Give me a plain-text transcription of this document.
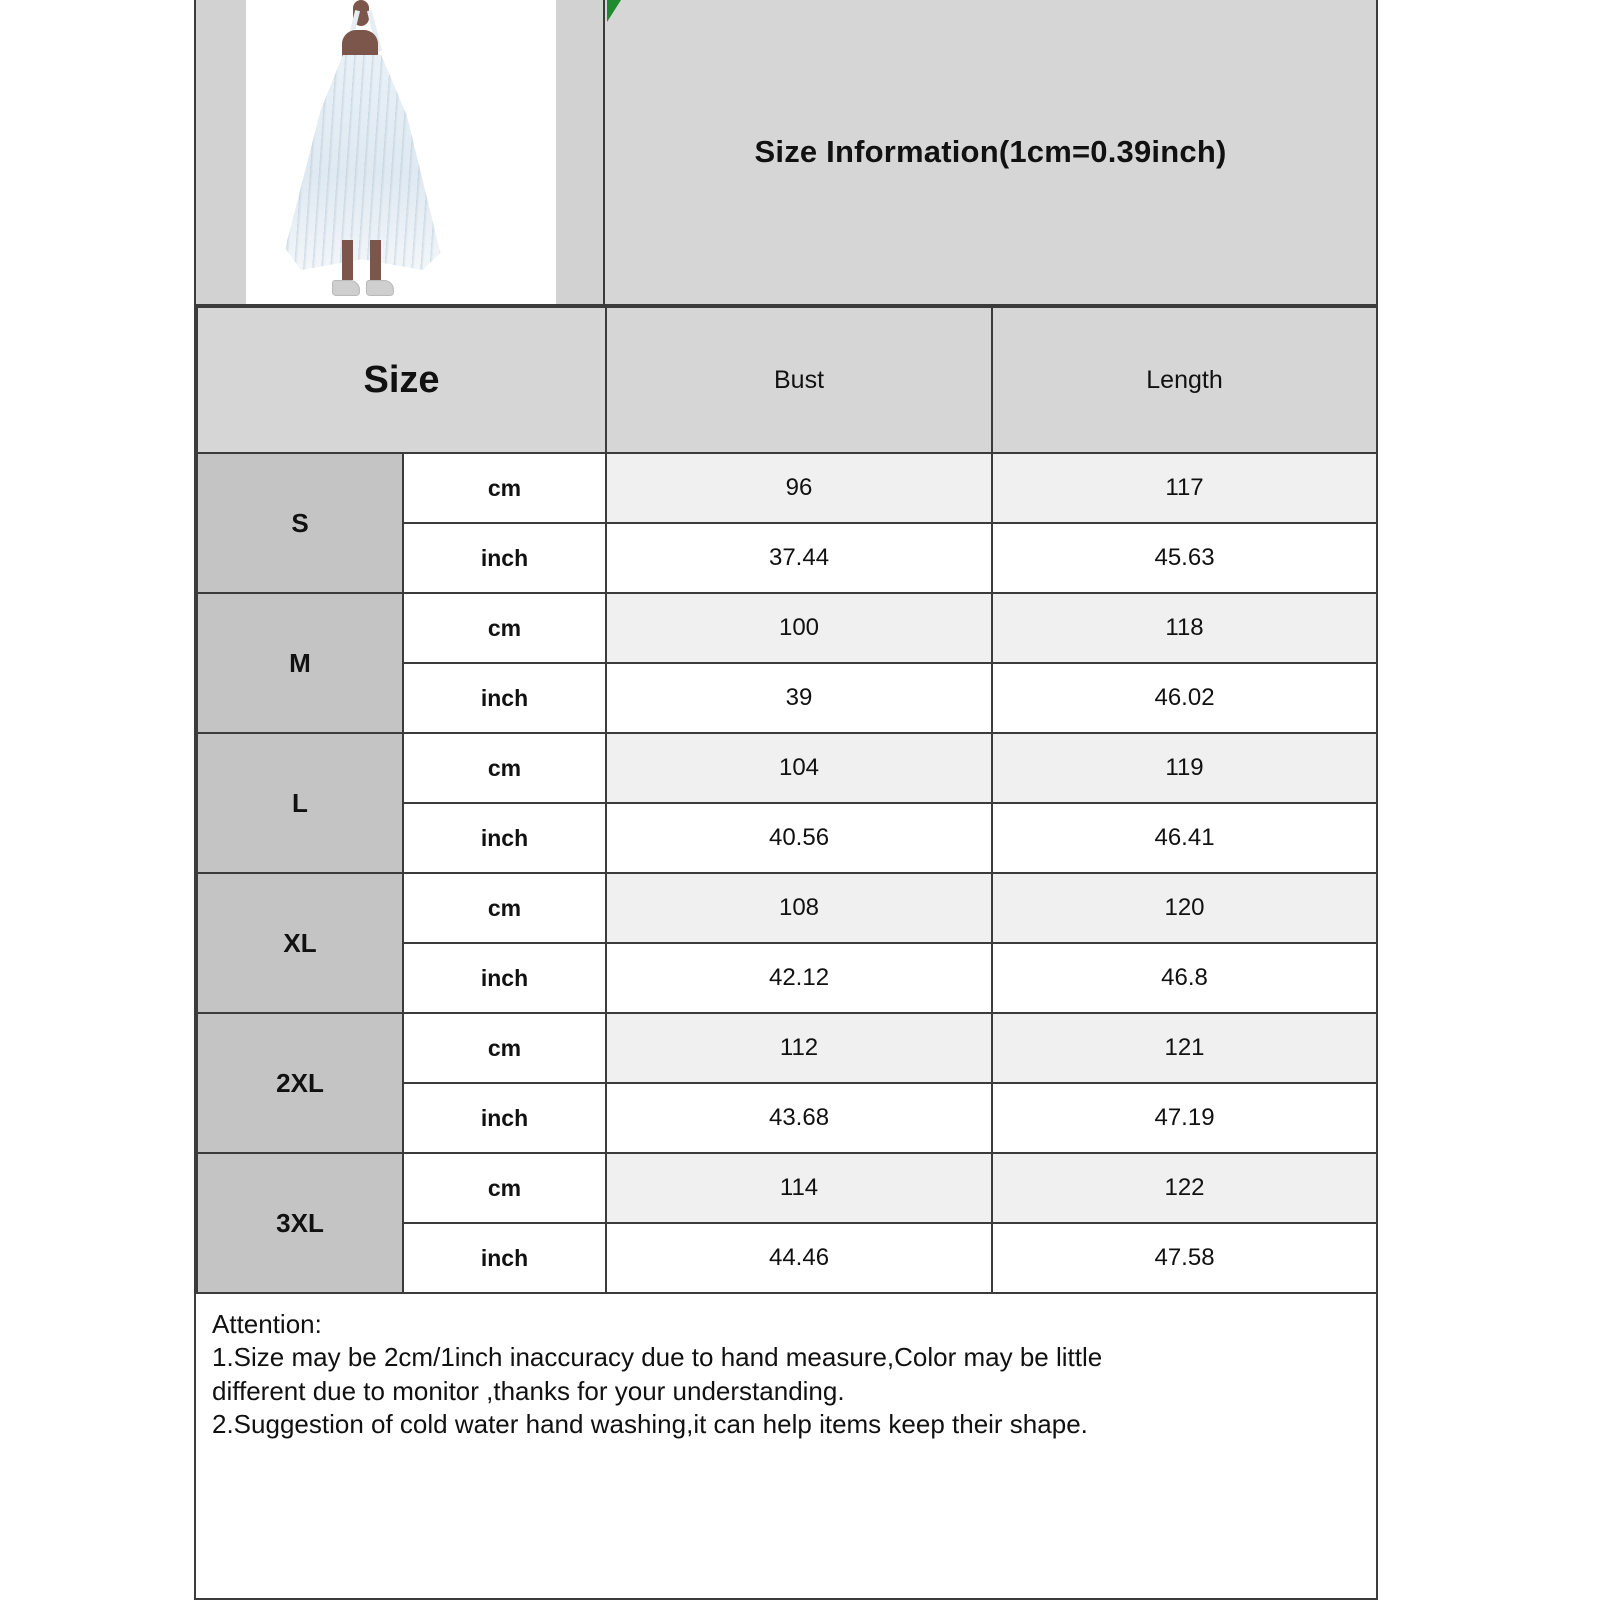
Size Information(1cm=0.39inch)
Size		Bust	Length
S	cm	96	117
	inch	37.44	45.63
M	cm	100	118
	inch	39	46.02
L	cm	104	119
	inch	40.56	46.41
XL	cm	108	120
	inch	42.12	46.8
2XL	cm	112	121
	inch	43.68	47.19
3XL	cm	114	122
	inch	44.46	47.58
Attention:
1.Size may be 2cm/1inch inaccuracy due to hand measure,Color may be little
different due to monitor ,thanks for your understanding.
2.Suggestion of cold water hand washing,it can help items keep their shape.
